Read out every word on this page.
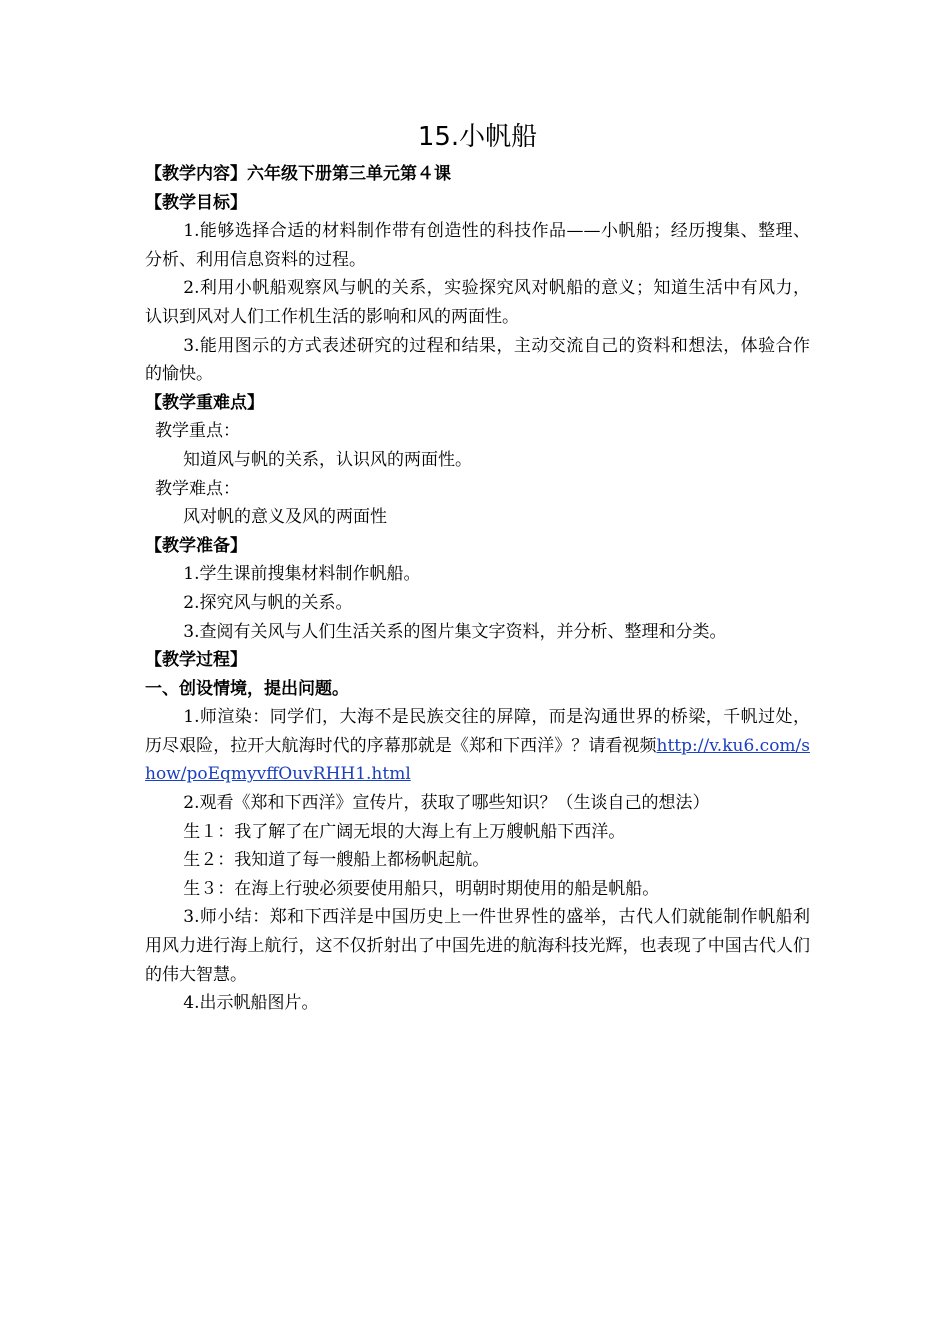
15.小帆船

【教学内容】六年级下册第三单元第４课

【教学目标】

1.能够选择合适的材料制作带有创造性的科技作品——小帆船；经历搜集、整理、分析、利用信息资料的过程。

2.利用小帆船观察风与帆的关系，实验探究风对帆船的意义；知道生活中有风力，认识到风对人们工作机生活的影响和风的两面性。

3.能用图示的方式表述研究的过程和结果，主动交流自己的资料和想法，体验合作的愉快。

【教学重难点】

教学重点：

知道风与帆的关系，认识风的两面性。

教学难点：

风对帆的意义及风的两面性

【教学准备】

1.学生课前搜集材料制作帆船。

2.探究风与帆的关系。

3.查阅有关风与人们生活关系的图片集文字资料，并分析、整理和分类。

【教学过程】

一、创设情境，提出问题。

1.师渲染：同学们，大海不是民族交往的屏障，而是沟通世界的桥梁，千帆过处，历尽艰险，拉开大航海时代的序幕那就是《郑和下西洋》？请看视频http://v.ku6.com/show/poEqmyvffOuvRHH1.html

2.观看《郑和下西洋》宣传片，获取了哪些知识？（生谈自己的想法）

生１：我了解了在广阔无垠的大海上有上万艘帆船下西洋。

生２：我知道了每一艘船上都杨帆起航。

生３：在海上行驶必须要使用船只，明朝时期使用的船是帆船。

3.师小结：郑和下西洋是中国历史上一件世界性的盛举，古代人们就能制作帆船利用风力进行海上航行，这不仅折射出了中国先进的航海科技光辉，也表现了中国古代人们的伟大智慧。

4.出示帆船图片。
